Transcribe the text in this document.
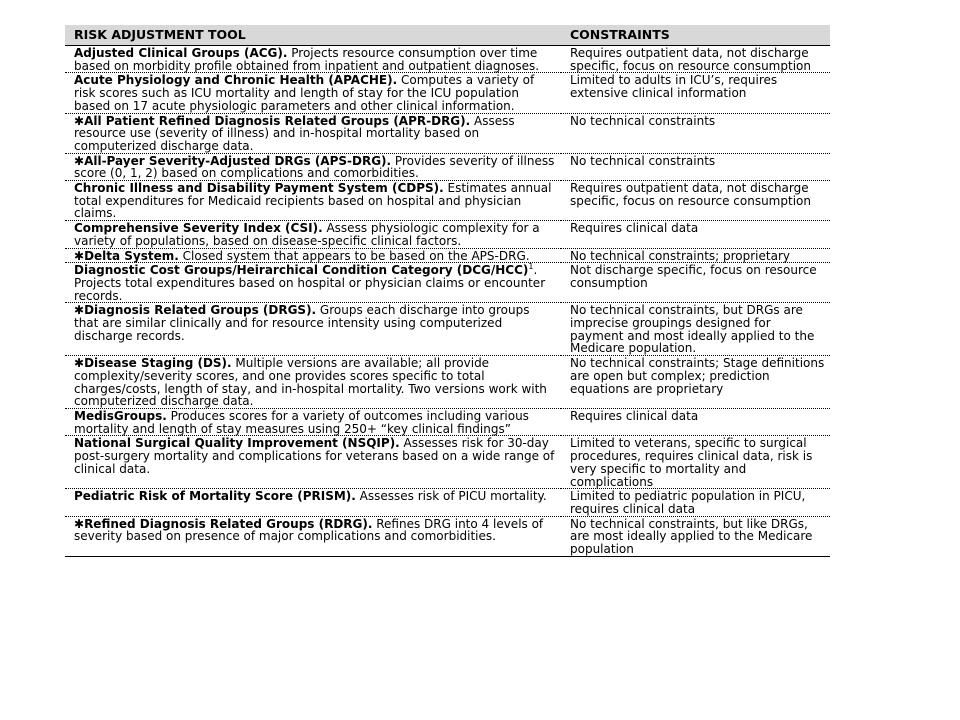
RISK ADJUSTMENT TOOL	CONSTRAINTS
Adjusted Clinical Groups (ACG). Projects resource consumption over time based on morbidity profile obtained from inpatient and outpatient diagnoses.	Requires outpatient data, not discharge specific, focus on resource consumption
Acute Physiology and Chronic Health (APACHE). Computes a variety of risk scores such as ICU mortality and length of stay for the ICU population based on 17 acute physiologic parameters and other clinical information.	Limited to adults in ICU’s, requires extensive clinical information
✱All Patient Refined Diagnosis Related Groups (APR-DRG). Assess resource use (severity of illness) and in-hospital mortality based on computerized discharge data.	No technical constraints
✱All-Payer Severity-Adjusted DRGs (APS-DRG). Provides severity of illness score (0, 1, 2) based on complications and comorbidities.	No technical constraints
Chronic Illness and Disability Payment System (CDPS). Estimates annual total expenditures for Medicaid recipients based on hospital and physician claims.	Requires outpatient data, not discharge specific, focus on resource consumption
Comprehensive Severity Index (CSI). Assess physiologic complexity for a variety of populations, based on disease-specific clinical factors.	Requires clinical data
✱Delta System. Closed system that appears to be based on the APS-DRG.	No technical constraints; proprietary
Diagnostic Cost Groups/Heirarchical Condition Category $(DCG/HCC)^1$. Projects total expenditures based on hospital or physician claims or encounter records.	Not discharge specific, focus on resource consumption
✱Diagnosis Related Groups (DRGS). Groups each discharge into groups that are similar clinically and for resource intensity using computerized discharge records.	No technical constraints, but DRGs are imprecise groupings designed for payment and most ideally applied to the Medicare population.
✱Disease Staging (DS). Multiple versions are available; all provide complexity/severity scores, and one provides scores specific to total charges/costs, length of stay, and in-hospital mortality. Two versions work with computerized discharge data.	No technical constraints; Stage definitions are open but complex; prediction equations are proprietary
MedisGroups. Produces scores for a variety of outcomes including various mortality and length of stay measures using 250+ “key clinical findings”	Requires clinical data
National Surgical Quality Improvement (NSQIP). Assesses risk for 30-day post-surgery mortality and complications for veterans based on a wide range of clinical data.	Limited to veterans, specific to surgical procedures, requires clinical data, risk is very specific to mortality and complications
Pediatric Risk of Mortality Score (PRISM). Assesses risk of PICU mortality.	Limited to pediatric population in PICU, requires clinical data
✱Refined Diagnosis Related Groups (RDRG). Refines DRG into 4 levels of severity based on presence of major complications and comorbidities.	No technical constraints, but like DRGs, are most ideally applied to the Medicare population
